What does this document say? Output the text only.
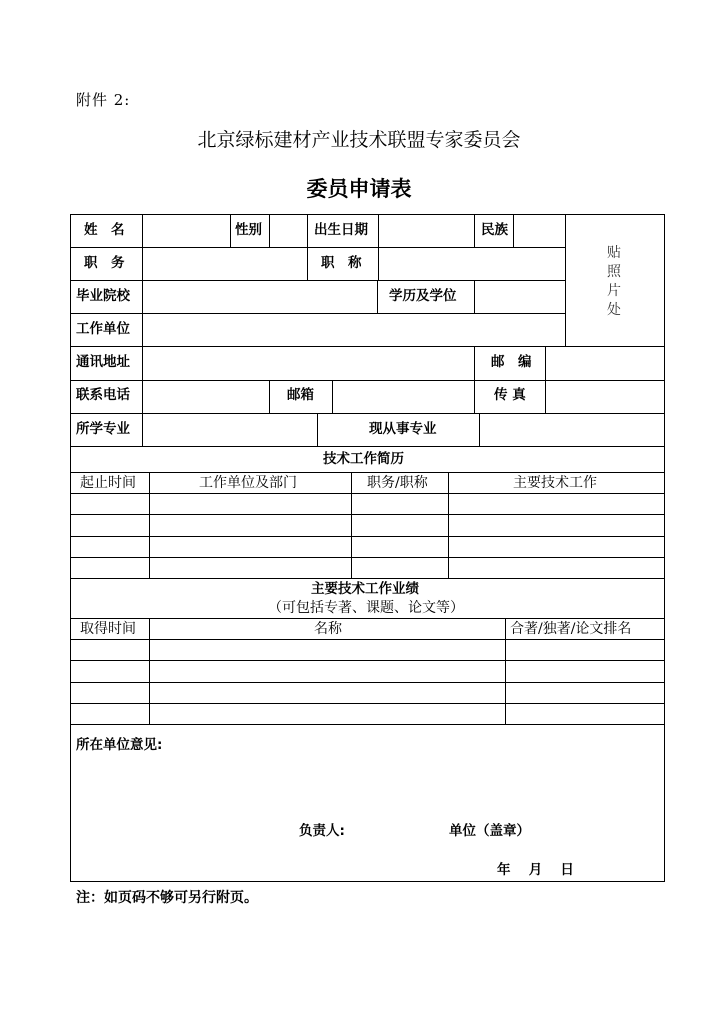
附件 2:
北京绿标建材产业技术联盟专家委员会
委员申请表
姓　名	性别	出生日期	民族
职　务	职　称
毕业院校	学历及学位
工作单位
通讯地址	邮　编
联系电话	邮箱	传 真
所学专业	现从事专业
贴
照
片
处
技术工作简历
起止时间	工作单位及部门	职务/职称	主要技术工作
主要技术工作业绩
（可包括专著、课题、论文等）
取得时间	名称	合著/独著/论文排名
所在单位意见:
负责人:	单位（盖章）
年　 月　 日
注：如页码不够可另行附页。
